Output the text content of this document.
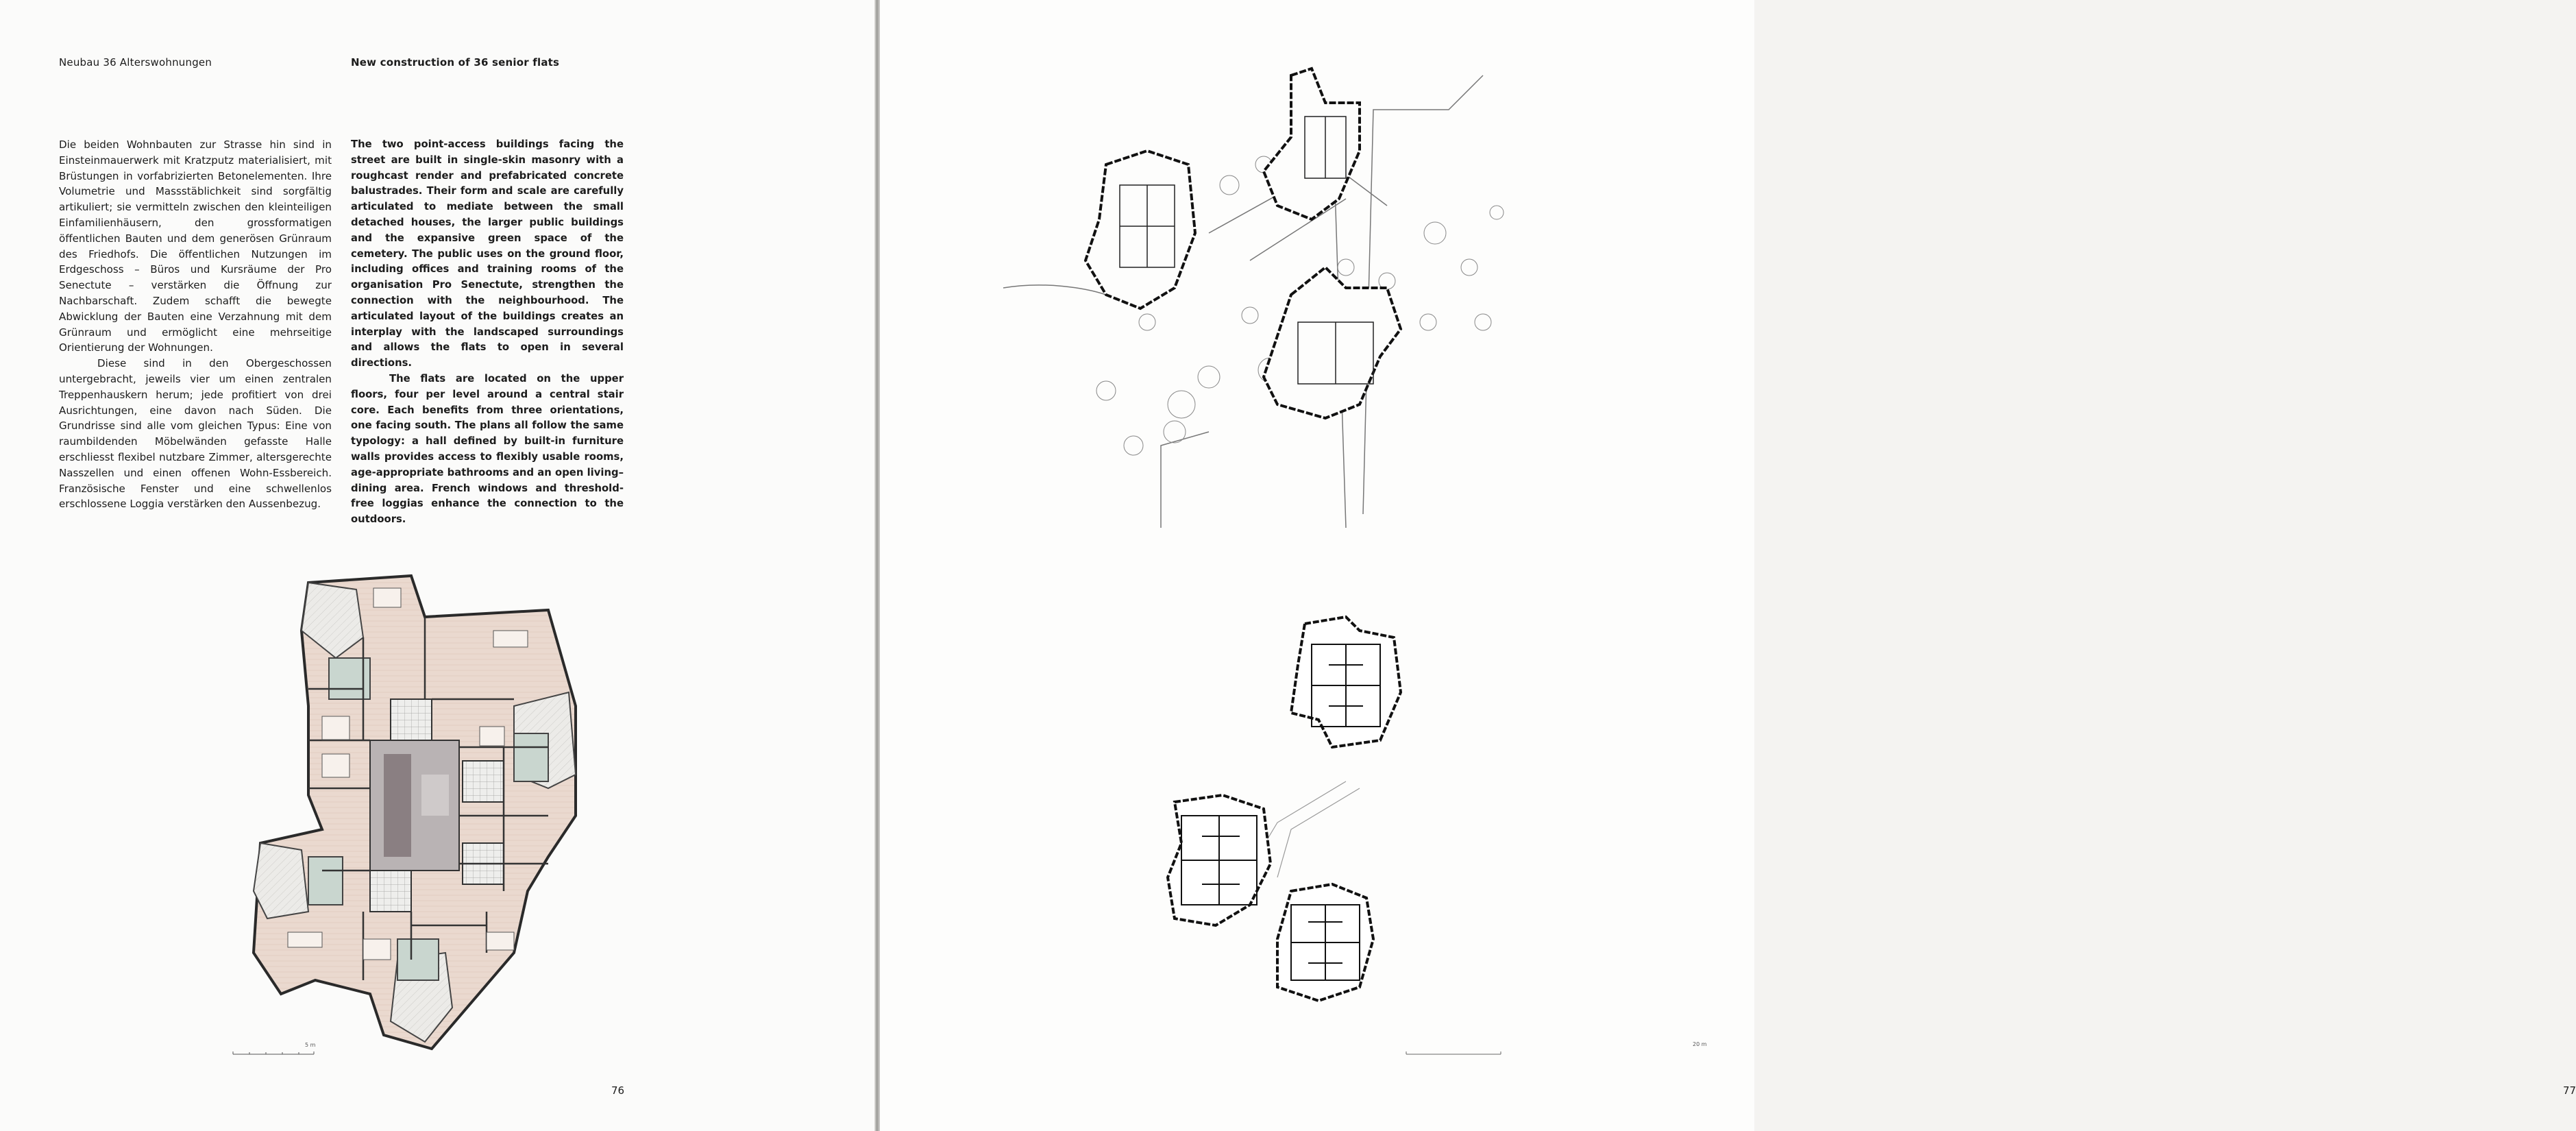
Neubau 36 Alterswohnungen	New construction of 36 senior flats

Die beiden Wohnbauten zur Strasse hin sind in Einsteinmauerwerk mit Kratzputz materialisiert, mit Brüstungen in vorfabrizierten Betonelementen. Ihre Volumetrie und Massstäblichkeit sind sorgfältig artikuliert; sie vermitteln zwischen den kleinteiligen Einfamilienhäusern, den grossformatigen öffentlichen Bauten und dem generösen Grünraum des Friedhofs. Die öffentlichen Nutzungen im Erdgeschoss – Büros und Kursräume der Pro Senectute – verstärken die Öffnung zur Nachbarschaft. Zudem schafft die bewegte Abwicklung der Bauten eine Verzahnung mit dem Grünraum und ermöglicht eine mehrseitige Orientierung der Wohnungen.

Diese sind in den Obergeschossen untergebracht, jeweils vier um einen zentralen Treppenhauskern herum; jede profitiert von drei Ausrichtungen, eine davon nach Süden. Die Grundrisse sind alle vom gleichen Typus: Eine von raumbildenden Möbelwänden gefasste Halle erschliesst flexibel nutzbare Zimmer, altersgerechte Nasszellen und einen offenen Wohn-Essbereich. Französische Fenster und eine schwellenlos erschlossene Loggia verstärken den Aussenbezug.

The two point-access buildings facing the street are built in single-skin masonry with a roughcast render and prefabricated concrete balustrades. Their form and scale are carefully articulated to mediate between the small detached houses, the larger public buildings and the expansive green space of the cemetery. The public uses on the ground floor, including offices and training rooms of the organisation Pro Senectute, strengthen the connection with the neighbourhood. The articulated layout of the buildings creates an interplay with the landscaped surroundings and allows the flats to open in several directions.

The flats are located on the upper floors, four per level around a central stair core. Each benefits from three orientations, one facing south. The plans all follow the same typology: a hall defined by built-in furniture walls provides access to flexibly usable rooms, age-appropriate bathrooms and an open living–dining area. French windows and threshold-free loggias enhance the connection to the outdoors.

5 m
76
20 m
77
